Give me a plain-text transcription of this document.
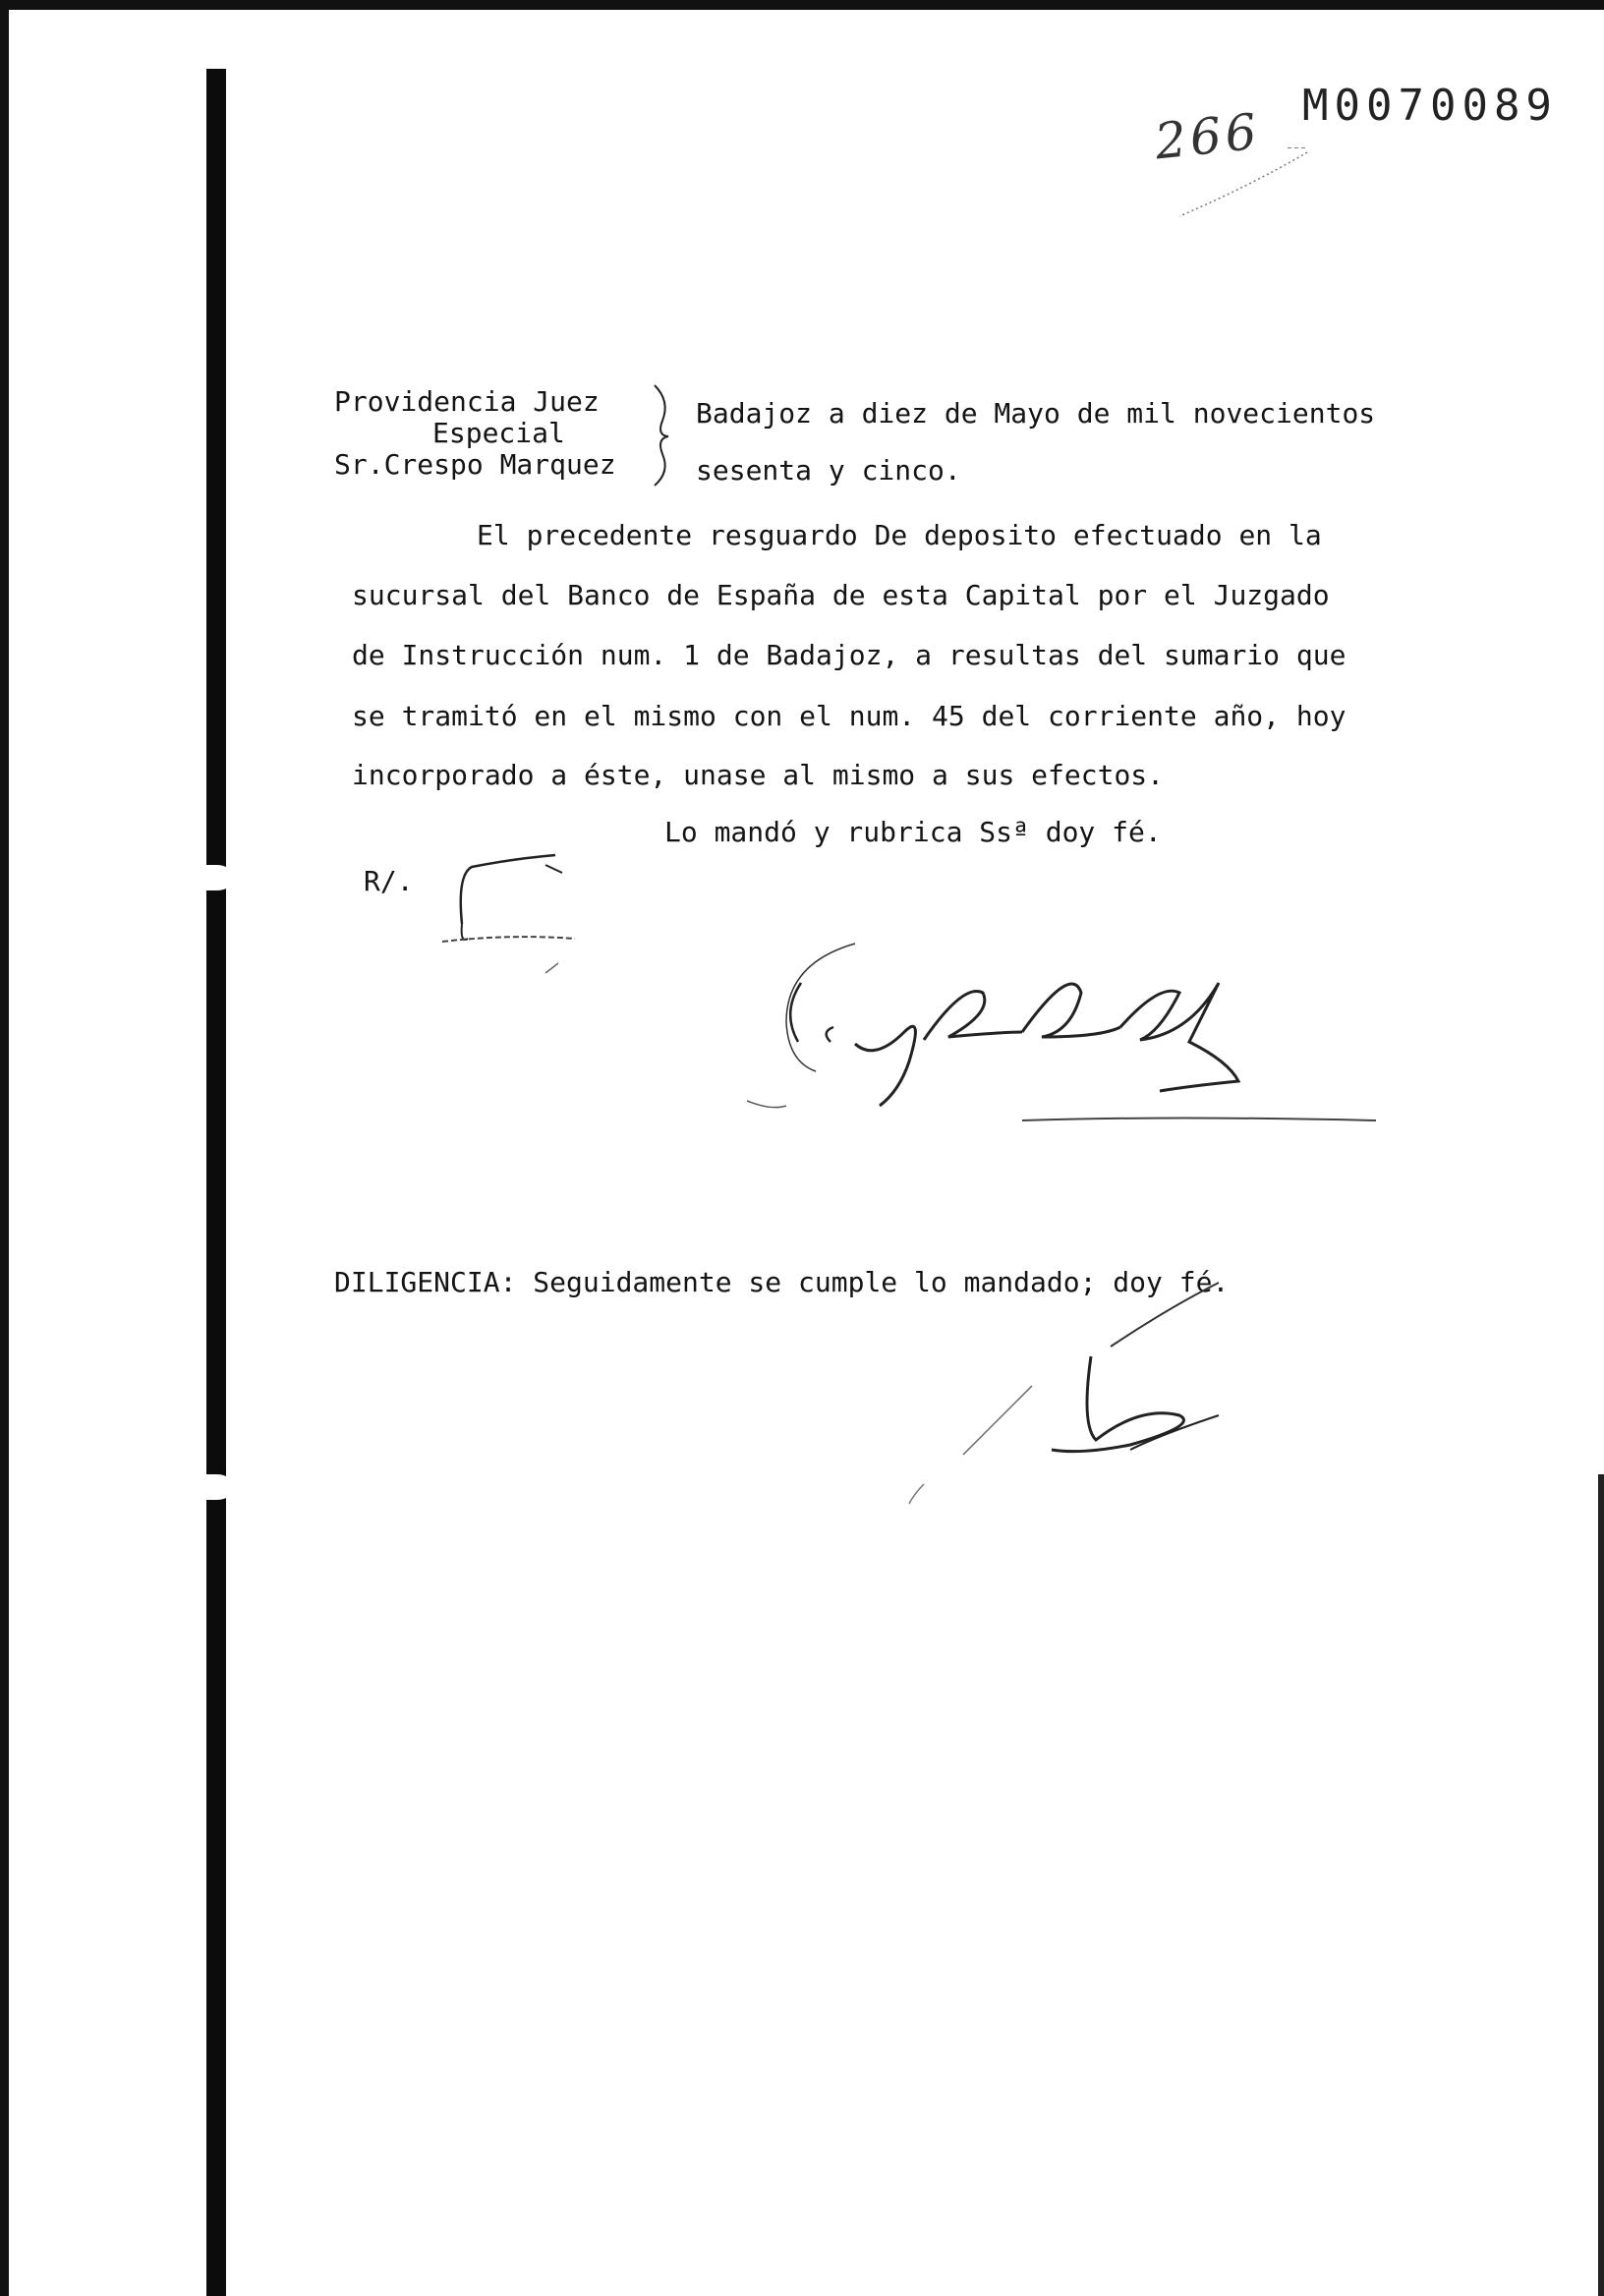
266 M0070089
Providencia Juez
Especial
Sr.Crespo Marquez
Badajoz a diez de Mayo de mil novecientos
sesenta y cinco.
El precedente resguardo De deposito efectuado en la
sucursal del Banco de España de esta Capital por el Juzgado
de Instrucción num. 1 de Badajoz, a resultas del sumario que
se tramitó en el mismo con el num. 45 del corriente año, hoy
incorporado a éste, unase al mismo a sus efectos.
Lo mandó y rubrica Ssª doy fé.
R/.
DILIGENCIA: Seguidamente se cumple lo mandado; doy fé.
